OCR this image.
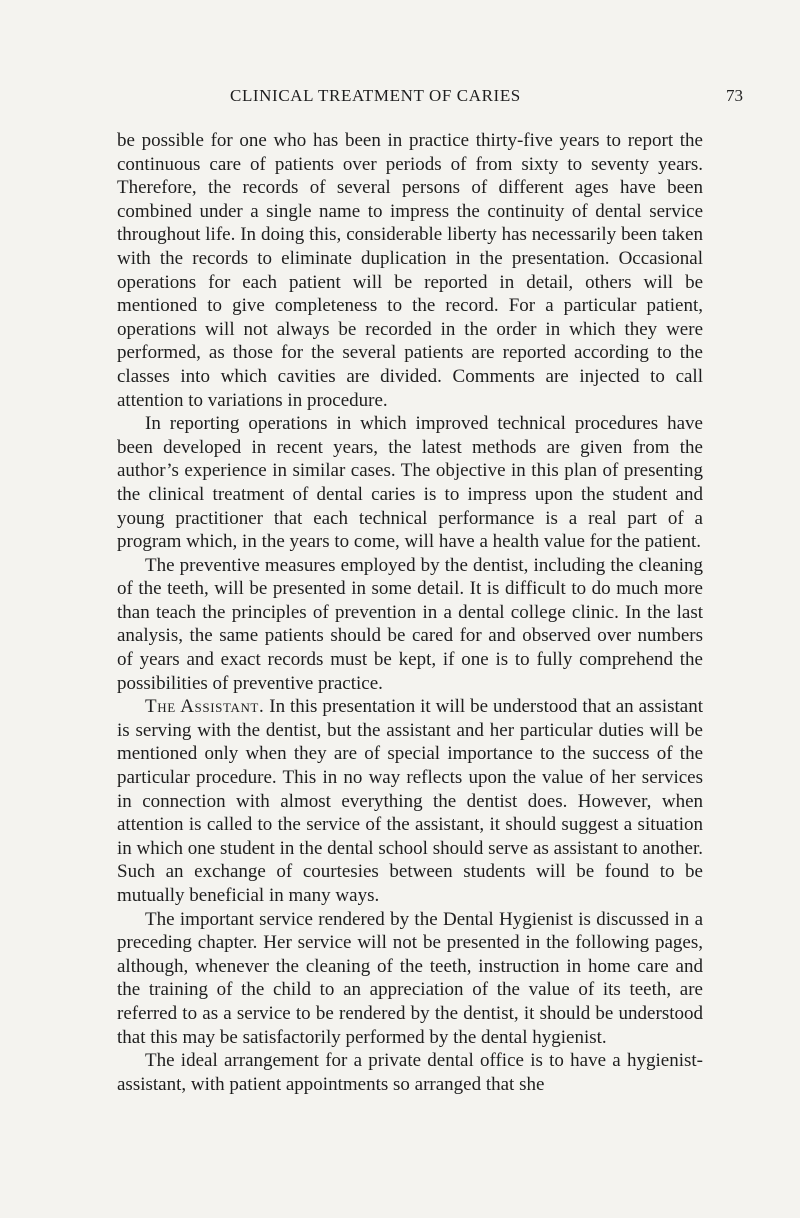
CLINICAL TREATMENT OF CARIES	73

be possible for one who has been in practice thirty-five years to report the continuous care of patients over periods of from sixty to seventy years. Therefore, the records of several persons of different ages have been combined under a single name to impress the continuity of dental service throughout life. In doing this, considerable liberty has necessarily been taken with the records to eliminate duplication in the presentation. Occasional operations for each patient will be reported in detail, others will be mentioned to give completeness to the record. For a particular patient, operations will not always be recorded in the order in which they were performed, as those for the several patients are reported according to the classes into which cavities are divided. Comments are injected to call attention to variations in procedure.

In reporting operations in which improved technical procedures have been developed in recent years, the latest methods are given from the author’s experience in similar cases. The objective in this plan of presenting the clinical treatment of dental caries is to impress upon the student and young practitioner that each technical performance is a real part of a program which, in the years to come, will have a health value for the patient.

The preventive measures employed by the dentist, including the cleaning of the teeth, will be presented in some detail. It is difficult to do much more than teach the principles of prevention in a dental college clinic. In the last analysis, the same patients should be cared for and observed over numbers of years and exact records must be kept, if one is to fully comprehend the possibilities of preventive practice.

The Assistant. In this presentation it will be understood that an assistant is serving with the dentist, but the assistant and her particular duties will be mentioned only when they are of special importance to the success of the particular procedure. This in no way reflects upon the value of her services in connection with almost everything the dentist does. However, when attention is called to the service of the assistant, it should suggest a situation in which one student in the dental school should serve as assistant to another. Such an exchange of courtesies between students will be found to be mutually beneficial in many ways.

The important service rendered by the Dental Hygienist is discussed in a preceding chapter. Her service will not be presented in the following pages, although, whenever the cleaning of the teeth, instruction in home care and the training of the child to an appreciation of the value of its teeth, are referred to as a service to be rendered by the dentist, it should be understood that this may be satisfactorily performed by the dental hygienist.

The ideal arrangement for a private dental office is to have a hygienist-assistant, with patient appointments so arranged that she
